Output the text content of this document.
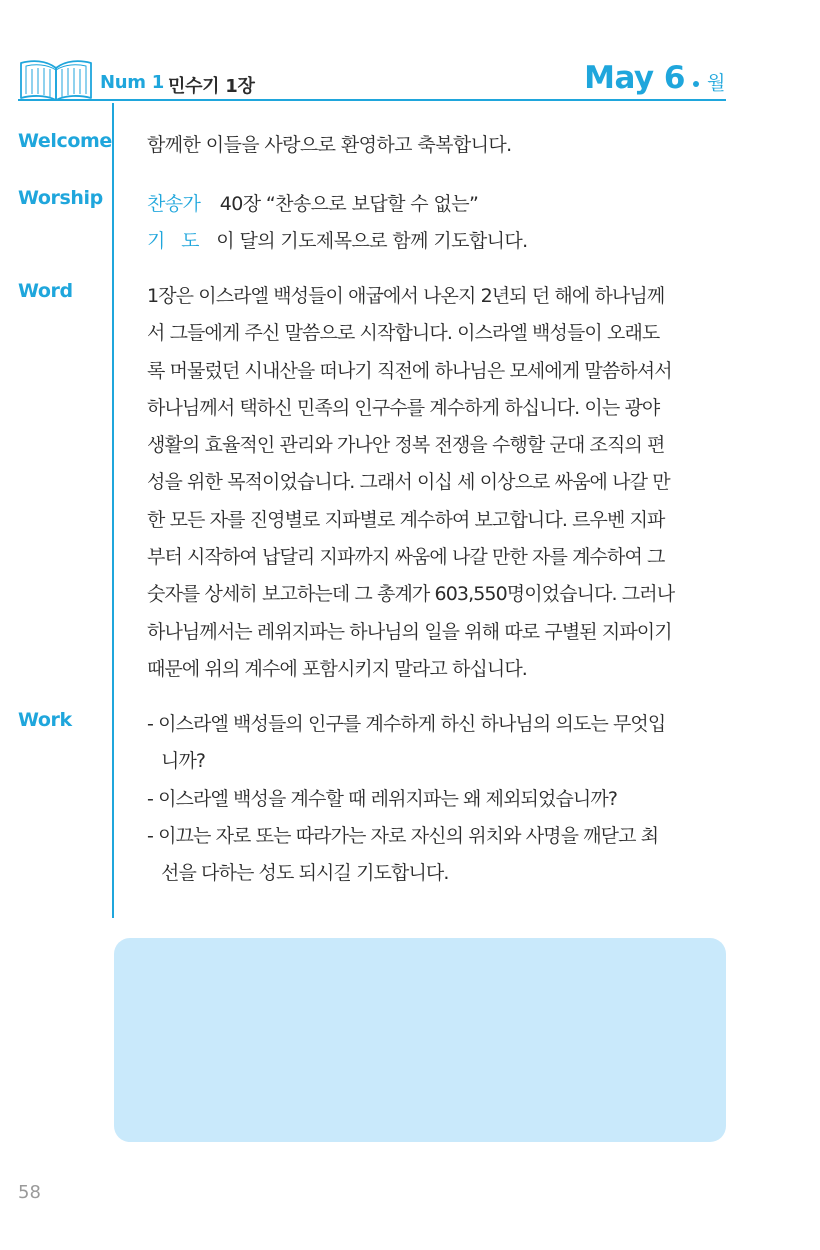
Num 1 민수기 1장	May 6 월
Welcome 함께한 이들을 사랑으로 환영하고 축복합니다.
Worship 찬송가 40장 “찬송으로 보답할 수 없는”
기   도 이 달의 기도제목으로 함께 기도합니다.
Word	1장은 이스라엘 백성들이 애굽에서 나온지 2년되 던 해에 하나님께
서 그들에게 주신 말씀으로 시작합니다. 이스라엘 백성들이 오래도
록 머물렀던 시내산을 떠나기 직전에 하나님은 모세에게 말씀하셔서
하나님께서 택하신 민족의 인구수를 계수하게 하십니다. 이는 광야
생활의 효율적인 관리와 가나안 정복 전쟁을 수행할 군대 조직의 편
성을 위한 목적이었습니다. 그래서 이십 세 이상으로 싸움에 나갈 만
한 모든 자를 진영별로 지파별로 계수하여 보고합니다. 르우벤 지파
부터 시작하여 납달리 지파까지 싸움에 나갈 만한 자를 계수하여 그
숫자를 상세히 보고하는데 그 총계가 603,550명이었습니다. 그러나
하나님께서는 레위지파는 하나님의 일을 위해 따로 구별된 지파이기
때문에 위의 계수에 포함시키지 말라고 하십니다.
Work	- 이스라엘 백성들의 인구를 계수하게 하신 하나님의 의도는 무엇입
니까?
- 이스라엘 백성을 계수할 때 레위지파는 왜 제외되었습니까?
- 이끄는 자로 또는 따라가는 자로 자신의 위치와 사명을 깨닫고 최
선을 다하는 성도 되시길 기도합니다.
58
